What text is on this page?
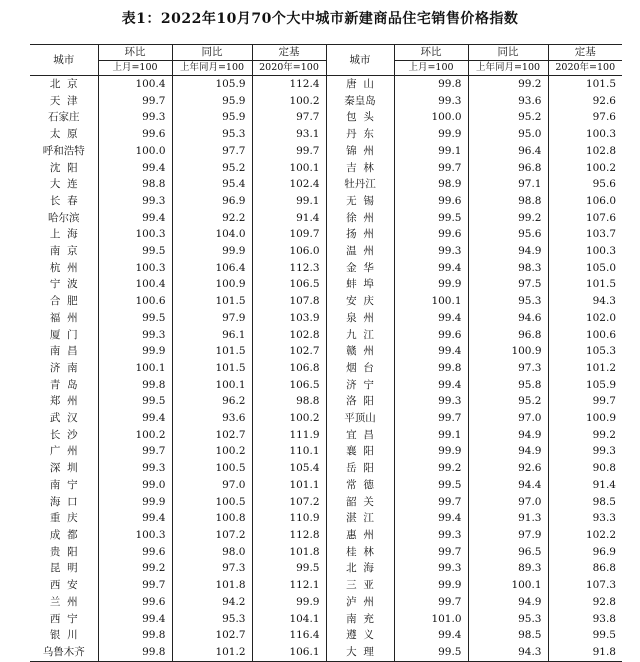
表1：2022年10月70个大中城市新建商品住宅销售价格指数
城市	环比	同比	定基	城市	环比	同比	定基
	上月=100	上年同月=100	2020年=100		上月=100	上年同月=100	2020年=100
北  京	100.4	105.9	112.4	唐  山	99.8	99.2	101.5
天  津	99.7	95.9	100.2	秦皇岛	99.3	93.6	92.6
石家庄	99.3	95.9	97.7	包  头	100.0	95.2	97.6
太  原	99.6	95.3	93.1	丹  东	99.9	95.0	100.3
呼和浩特	100.0	97.7	99.7	锦  州	99.1	96.4	102.8
沈  阳	99.4	95.2	100.1	吉  林	99.7	96.8	100.2
大  连	98.8	95.4	102.4	牡丹江	98.9	97.1	95.6
长  春	99.3	96.9	99.1	无  锡	99.6	98.8	106.0
哈尔滨	99.4	92.2	91.4	徐  州	99.5	99.2	107.6
上  海	100.3	104.0	109.7	扬  州	99.6	95.6	103.7
南  京	99.5	99.9	106.0	温  州	99.3	94.9	100.3
杭  州	100.3	106.4	112.3	金  华	99.4	98.3	105.0
宁  波	100.4	100.9	106.5	蚌  埠	99.9	97.5	101.5
合  肥	100.6	101.5	107.8	安  庆	100.1	95.3	94.3
福  州	99.5	97.9	103.9	泉  州	99.4	94.6	102.0
厦  门	99.3	96.1	102.8	九  江	99.6	96.8	100.6
南  昌	99.9	101.5	102.7	赣  州	99.4	100.9	105.3
济  南	100.1	101.5	106.8	烟  台	99.8	97.3	101.2
青  岛	99.8	100.1	106.5	济  宁	99.4	95.8	105.9
郑  州	99.5	96.2	98.8	洛  阳	99.3	95.2	99.7
武  汉	99.4	93.6	100.2	平顶山	99.7	97.0	100.9
长  沙	100.2	102.7	111.9	宜  昌	99.1	94.9	99.2
广  州	99.7	100.2	110.1	襄  阳	99.9	94.9	99.3
深  圳	99.3	100.5	105.4	岳  阳	99.2	92.6	90.8
南  宁	99.0	97.0	101.1	常  德	99.5	94.4	91.4
海  口	99.9	100.5	107.2	韶  关	99.7	97.0	98.5
重  庆	99.4	100.8	110.9	湛  江	99.4	91.3	93.3
成  都	100.3	107.2	112.8	惠  州	99.3	97.9	102.2
贵  阳	99.6	98.0	101.8	桂  林	99.7	96.5	96.9
昆  明	99.2	97.3	99.5	北  海	99.3	89.3	86.8
西  安	99.7	101.8	112.1	三  亚	99.9	100.1	107.3
兰  州	99.6	94.2	99.9	泸  州	99.7	94.9	92.8
西  宁	99.4	95.3	104.1	南  充	101.0	95.3	93.8
银  川	99.8	102.7	116.4	遵  义	99.4	98.5	99.5
乌鲁木齐	99.8	101.2	106.1	大  理	99.5	94.3	91.8
